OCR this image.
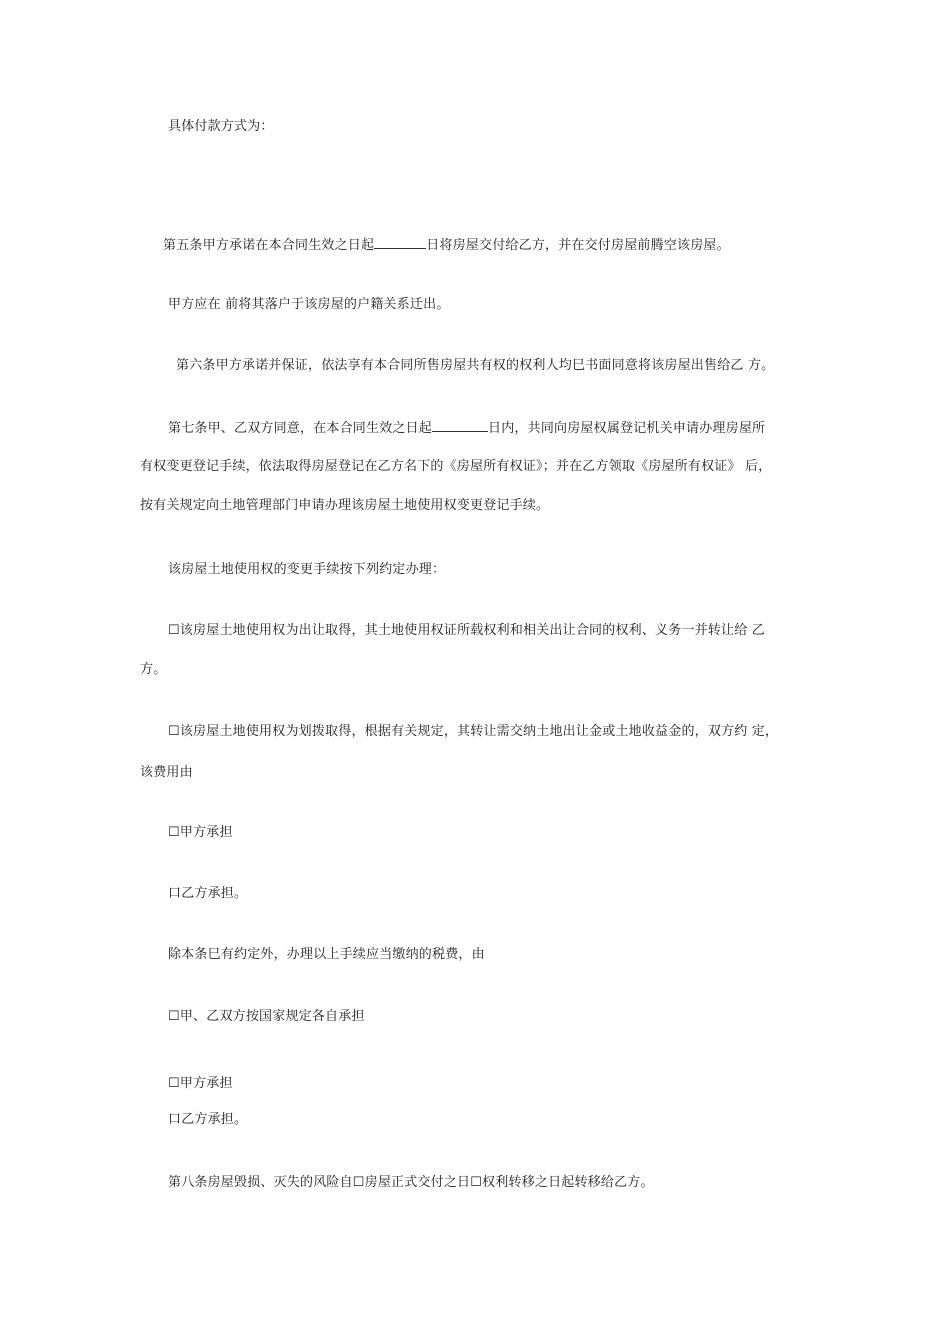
具体付款方式为：
第五条甲方承诺在本合同生效之日起	日将房屋交付给乙方，并在交付房屋前腾空该房屋。
甲方应在 前将其落户于该房屋的户籍关系迁出。
第六条甲方承诺并保证，依法享有本合同所售房屋共有权的权利人均巳书面同意将该房屋出售给乙 方。
第七条甲、乙双方同意，在本合同生效之日起	日内，共同向房屋权属登记机关申请办理房屋所
有权变更登记手续，依法取得房屋登记在乙方名下的《房屋所有权证》；并在乙方领取《房屋所有权证》 后，
按有关规定向土地管理部门申请办理该房屋土地使用权变更登记手续。
该房屋土地使用权的变更手续按下列约定办理：
☐该房屋土地使用权为出让取得，其土地使用权证所载权利和相关出让合同的权利、义务一并转让给 乙
方。
☐该房屋土地使用权为划拨取得，根据有关规定，其转让需交纳土地出让金或土地收益金的，双方约 定，
该费用由
☐甲方承担
口乙方承担。
除本条巳有约定外，办理以上手续应当缴纳的税费，由
☐甲、乙双方按国家规定各自承担
☐甲方承担
口乙方承担。
第八条房屋毁损、灭失的风险自☐房屋正式交付之日☐权利转移之日起转移给乙方。
